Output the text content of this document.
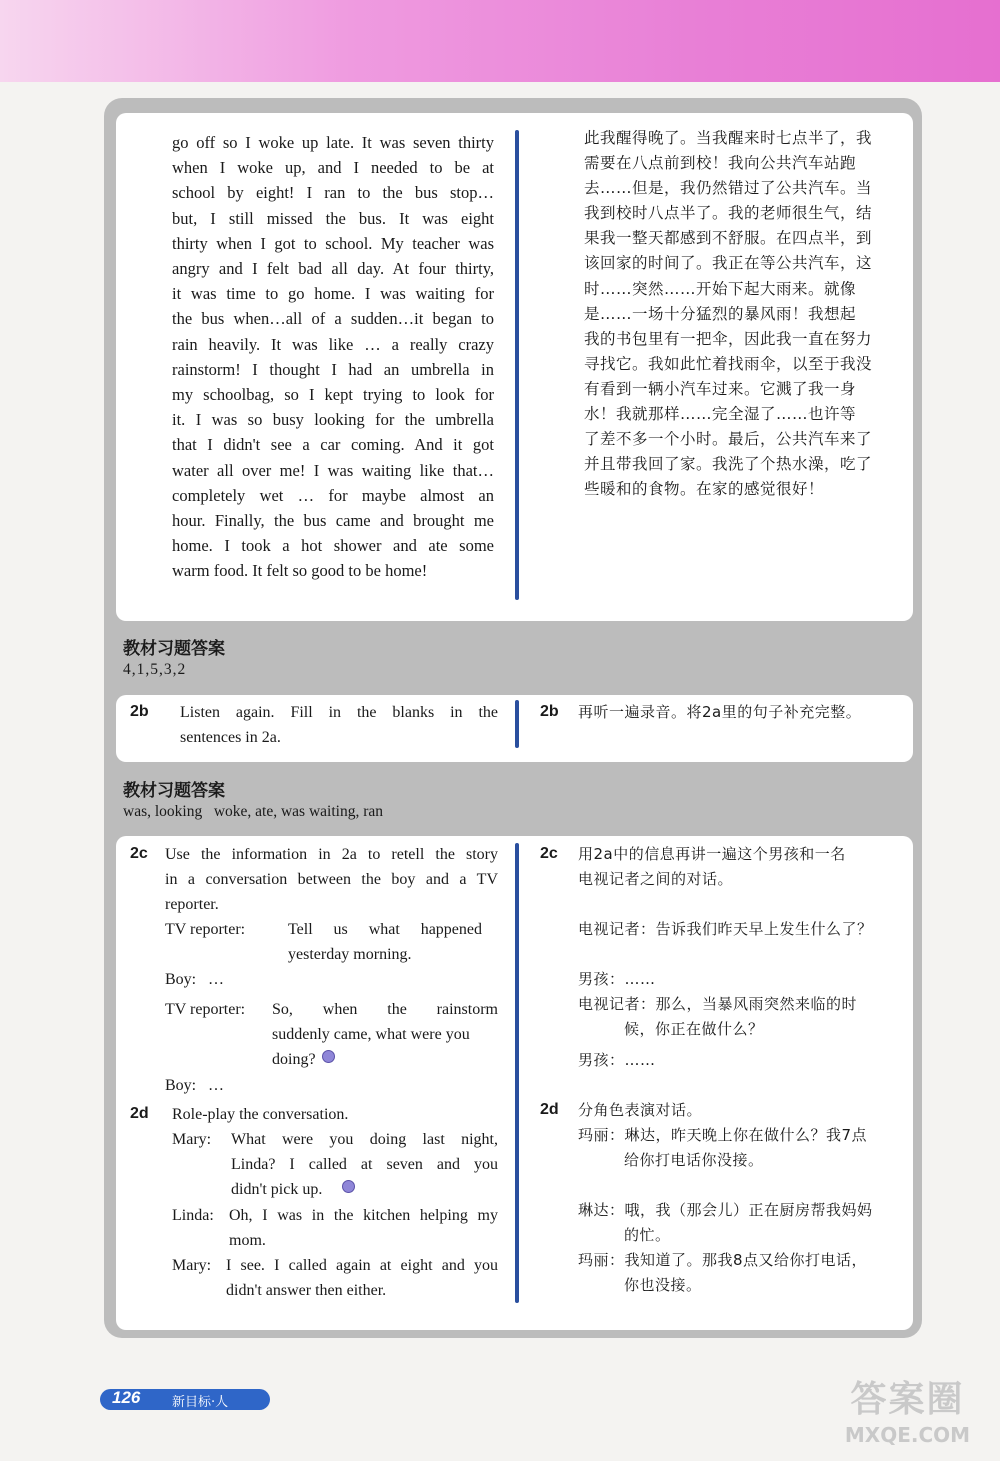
go off so I woke up late. It was seven thirty
when I woke up, and I needed to be at
school by eight! I ran to the bus stop…
but, I still missed the bus. It was eight
thirty when I got to school. My teacher was
angry and I felt bad all day. At four thirty,
it was time to go home. I was waiting for
the bus when…all of a sudden…it began to
rain heavily. It was like … a really crazy
rainstorm! I thought I had an umbrella in
my schoolbag, so I kept trying to look for
it. I was so busy looking for the umbrella
that I didn't see a car coming. And it got
water all over me! I was waiting like that…
completely wet … for maybe almost an
hour. Finally, the bus came and brought me
home. I took a hot shower and ate some
warm food. It felt so good to be home!
此我醒得晚了。当我醒来时七点半了，我
需要在八点前到校！我向公共汽车站跑
去……但是，我仍然错过了公共汽车。当
我到校时八点半了。我的老师很生气，结
果我一整天都感到不舒服。在四点半，到
该回家的时间了。我正在等公共汽车，这
时……突然……开始下起大雨来。就像
是……一场十分猛烈的暴风雨！我想起
我的书包里有一把伞，因此我一直在努力
寻找它。我如此忙着找雨伞，以至于我没
有看到一辆小汽车过来。它溅了我一身
水！我就那样……完全湿了……也许等
了差不多一个小时。最后，公共汽车来了
并且带我回了家。我洗了个热水澡，吃了
些暖和的食物。在家的感觉很好！
教材习题答案
4,1,5,3,2
2b Listen again. Fill in the blanks in the
sentences in 2a.
2b 再听一遍录音。将2a里的句子补充完整。
教材习题答案
was, looking   woke, ate, was waiting, ran
2c Use the information in 2a to retell the story
in a conversation between the boy and a TV
reporter.
TV reporter:	Tell us what happened
yesterday morning.
Boy: …
TV reporter: So, when the rainstorm
suddenly came, what were you
doing?
Boy: …
2d Role-play the conversation.
Mary: What were you doing last night,
Linda? I called at seven and you
didn't pick up.
Linda: Oh, I was in the kitchen helping my
mom.
Mary: I see. I called again at eight and you
didn't answer then either.
2c 用2a中的信息再讲一遍这个男孩和一名
电视记者之间的对话。
电视记者：告诉我们昨天早上发生什么了？
男孩：……
电视记者：那么，当暴风雨突然来临的时
候，你正在做什么？
男孩：……
2d 分角色表演对话。
玛丽：琳达，昨天晚上你在做什么？我7点
给你打电话你没接。
琳达：哦，我（那会儿）正在厨房帮我妈妈
的忙。
玛丽：我知道了。那我8点又给你打电话，
你也没接。
126 新目标·人	答案圈
MXQE.COM
